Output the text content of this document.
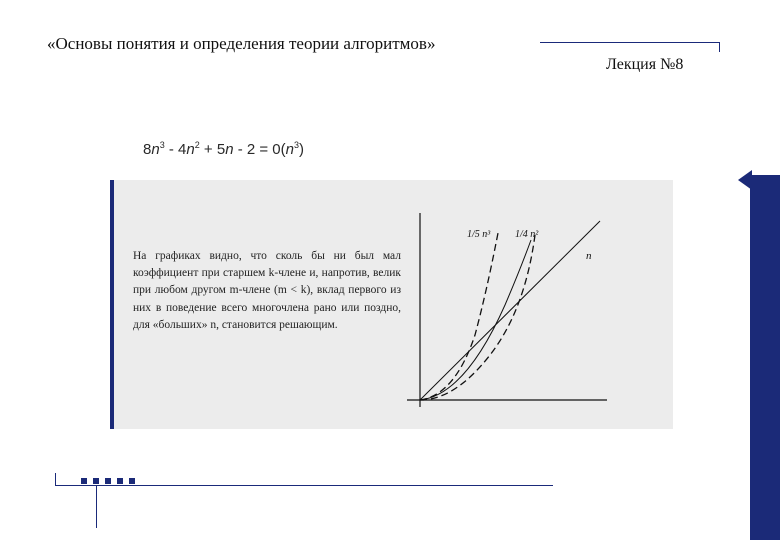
«Основы понятия и определения теории алгоритмов»
Лекция №8
$8n^3 - 4n^2 + 5n - 2 = 0(n^3)$
На графиках видно, что сколь бы ни был мал коэффициент при старшем k-члене и, напротив, велик при любом другом m-члене (m < k), вклад первого из них в поведение всего многочлена рано или поздно, для «больших» n, становится решающим.
1/5 n³ 1/4 n²
n
